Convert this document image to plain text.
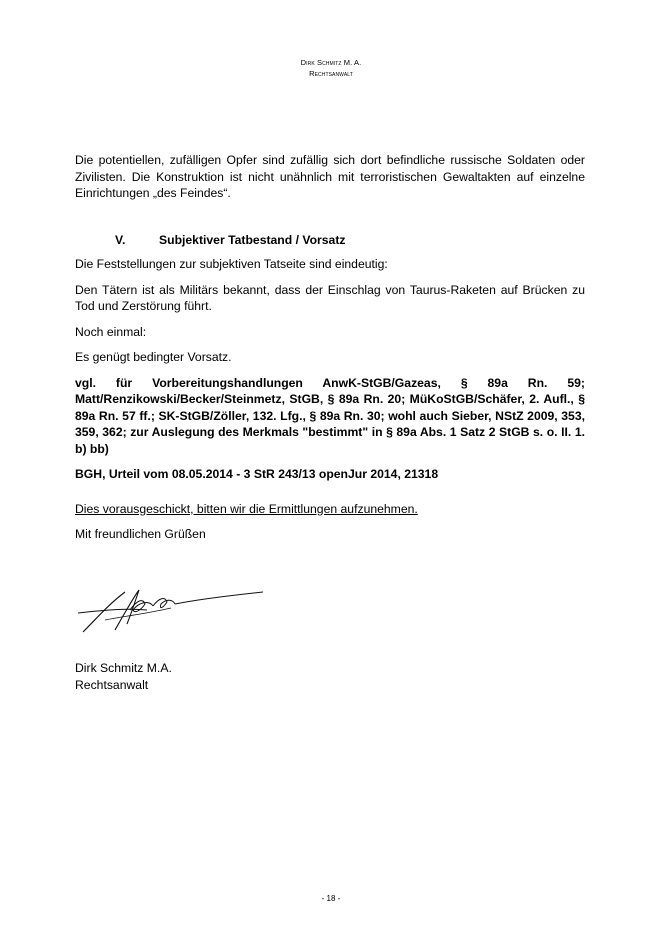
Dirk Schmitz M. A.
Rechtsanwalt

Die potentiellen, zufälligen Opfer sind zufällig sich dort befindliche russische Soldaten oder Zivilisten. Die Konstruktion ist nicht unähnlich mit terroristischen Gewaltakten auf einzelne Einrichtungen „des Feindes“.

V.	Subjektiver Tatbestand / Vorsatz

Die Feststellungen zur subjektiven Tatseite sind eindeutig:

Den Tätern ist als Militärs bekannt, dass der Einschlag von Taurus-Raketen auf Brücken zu Tod und Zerstörung führt.

Noch einmal:

Es genügt bedingter Vorsatz.

vgl. für Vorbereitungshandlungen AnwK-StGB/Gazeas, § 89a Rn. 59; Matt/Renzikowski/Becker/Steinmetz, StGB, § 89a Rn. 20; MüKoStGB/Schäfer, 2. Aufl., § 89a Rn. 57 ff.; SK-StGB/Zöller, 132. Lfg., § 89a Rn. 30; wohl auch Sieber, NStZ 2009, 353, 359, 362; zur Auslegung des Merkmals "bestimmt" in § 89a Abs. 1 Satz 2 StGB s. o. II. 1. b) bb)

BGH, Urteil vom 08.05.2014 - 3 StR 243/13 openJur 2014, 21318

Dies vorausgeschickt, bitten wir die Ermittlungen aufzunehmen.

Mit freundlichen Grüßen

Dirk Schmitz M.A.
Rechtsanwalt
- 18 -
